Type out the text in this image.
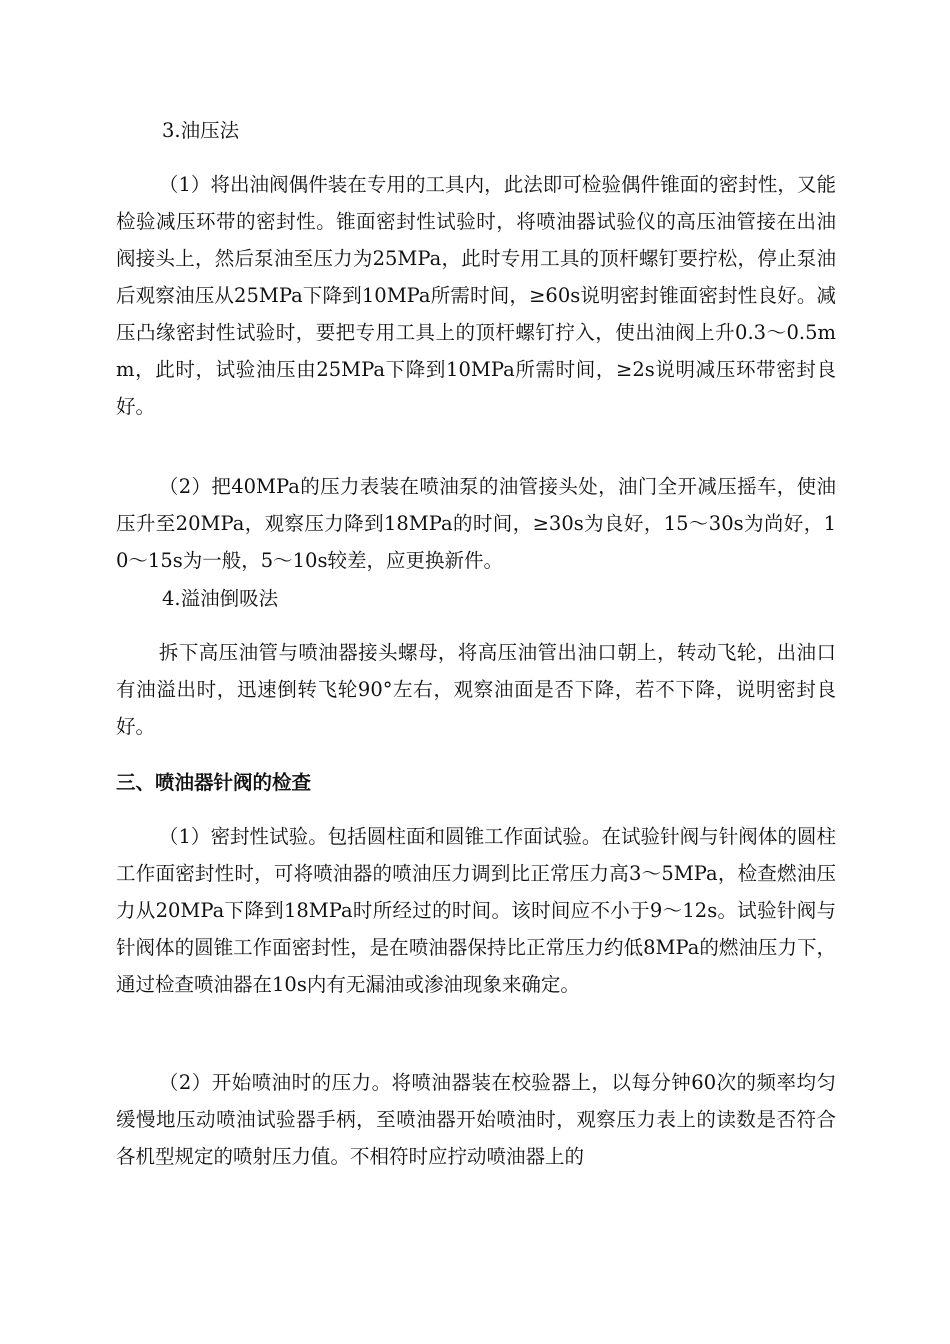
3.油压法

（1）将出油阀偶件装在专用的工具内，此法即可检验偶件锥面的密封性，又能检验减压环带的密封性。锥面密封性试验时，将喷油器试验仪的高压油管接在出油阀接头上，然后泵油至压力为25MPa，此时专用工具的顶杆螺钉要拧松，停止泵油后观察油压从25MPa下降到10MPa所需时间，≥60s说明密封锥面密封性良好。减压凸缘密封性试验时，要把专用工具上的顶杆螺钉拧入，使出油阀上升0.3～0.5mm，此时，试验油压由25MPa下降到10MPa所需时间，≥2s说明减压环带密封良好。

（2）把40MPa的压力表装在喷油泵的油管接头处，油门全开减压摇车，使油压升至20MPa，观察压力降到18MPa的时间，≥30s为良好，15～30s为尚好，10～15s为一般，5～10s较差，应更换新件。

4.溢油倒吸法

拆下高压油管与喷油器接头螺母，将高压油管出油口朝上，转动飞轮，出油口有油溢出时，迅速倒转飞轮90°左右，观察油面是否下降，若不下降，说明密封良好。

三、喷油器针阀的检查

（1）密封性试验。包括圆柱面和圆锥工作面试验。在试验针阀与针阀体的圆柱工作面密封性时，可将喷油器的喷油压力调到比正常压力高3～5MPa，检查燃油压力从20MPa下降到18MPa时所经过的时间。该时间应不小于9～12s。试验针阀与针阀体的圆锥工作面密封性，是在喷油器保持比正常压力约低8MPa的燃油压力下，通过检查喷油器在10s内有无漏油或渗油现象来确定。

（2）开始喷油时的压力。将喷油器装在校验器上，以每分钟60次的频率均匀缓慢地压动喷油试验器手柄，至喷油器开始喷油时，观察压力表上的读数是否符合各机型规定的喷射压力值。不相符时应拧动喷油器上的
